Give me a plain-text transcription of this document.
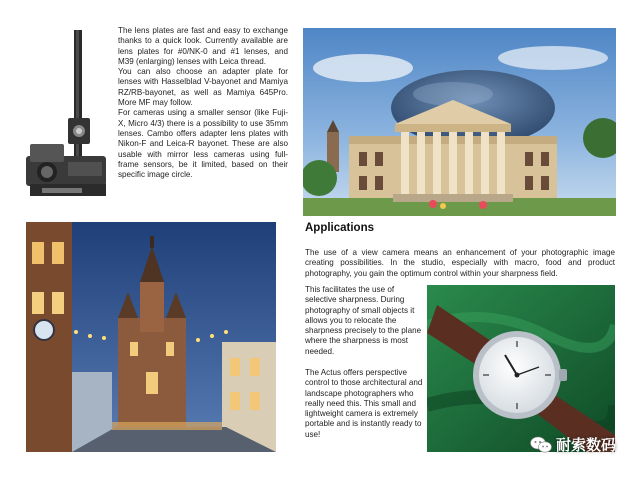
The lens plates are fast and easy to exchange thanks to a quick look. Currently available are lens plates for #0/NK-0 and #1 lenses, and M39 (enlarging) lenses with Leica thread.

You can also choose an adapter plate for lenses with Hasselblad V-bayonet and Mamiya RZ/RB-bayonet, as well as Mamiya 645Pro. More MF may follow.

For cameras using a smaller sensor (like Fuji-X, Micro 4/3) there is a possibility to use 35mm lenses. Cambo offers adapter lens plates with Nikon-F and Leica-R bayonet. These are also usable with mirror less cameras using full-frame sensors, be it limited, based on their specific image circle.

Applications

The use of a view camera means an enhancement of your photographic image creating possibilities. In the studio, especially with macro, food and product photography, you gain the optimum control within your sharpness field.

This facilitates the use of selective sharpness. During photography of small objects it allows you to relocate the sharpness precisely to the plane where the sharpness is most needed.

The Actus offers perspective control to those architectural and landscape photographers who really need this. This small and lightweight camera is extremely portable and is instantly ready to use!

耐索数码
